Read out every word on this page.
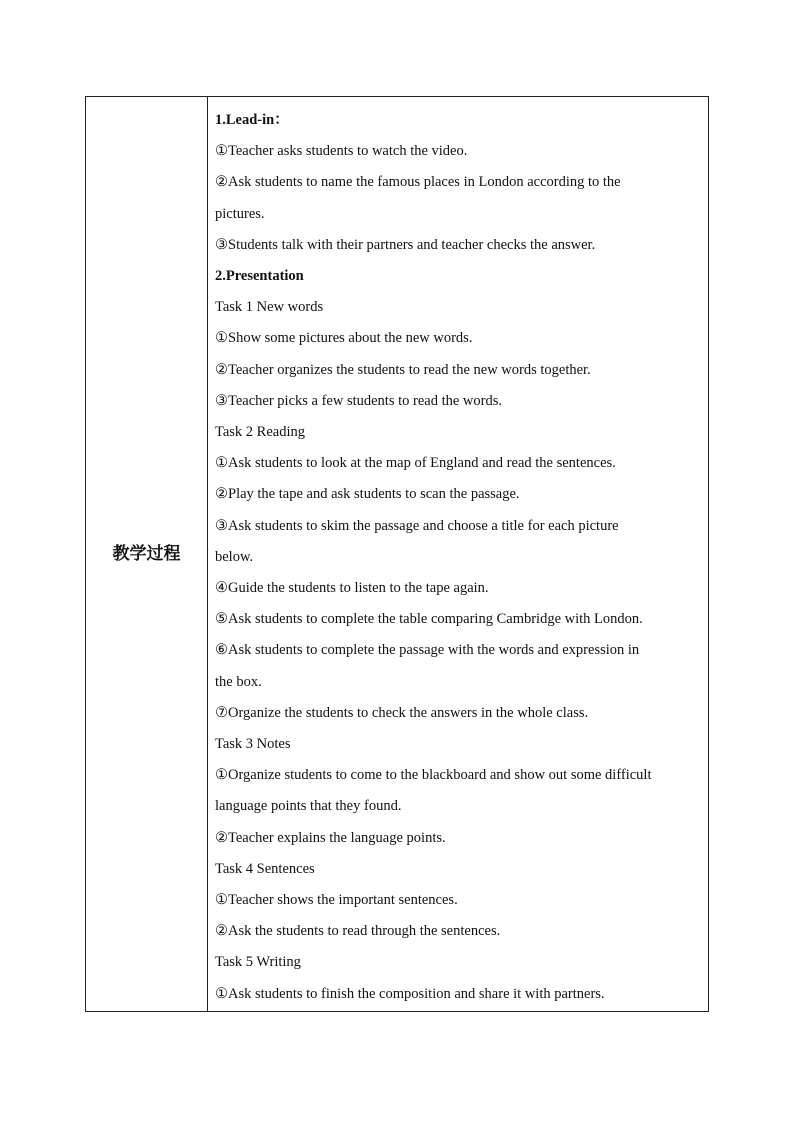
教学过程
1.Lead-in：
①Teacher asks students to watch the video.
②Ask students to name the famous places in London according to the
pictures.
③Students talk with their partners and teacher checks the answer.
2.Presentation
Task 1 New words
①Show some pictures about the new words.
②Teacher organizes the students to read the new words together.
③Teacher picks a few students to read the words.
Task 2 Reading
①Ask students to look at the map of England and read the sentences.
②Play the tape and ask students to scan the passage.
③Ask students to skim the passage and choose a title for each picture
below.
④Guide the students to listen to the tape again.
⑤Ask students to complete the table comparing Cambridge with London.
⑥Ask students to complete the passage with the words and expression in
the box.
⑦Organize the students to check the answers in the whole class.
Task 3 Notes
①Organize students to come to the blackboard and show out some difficult
language points that they found.
②Teacher explains the language points.
Task 4 Sentences
①Teacher shows the important sentences.
②Ask the students to read through the sentences.
Task 5 Writing
①Ask students to finish the composition and share it with partners.
